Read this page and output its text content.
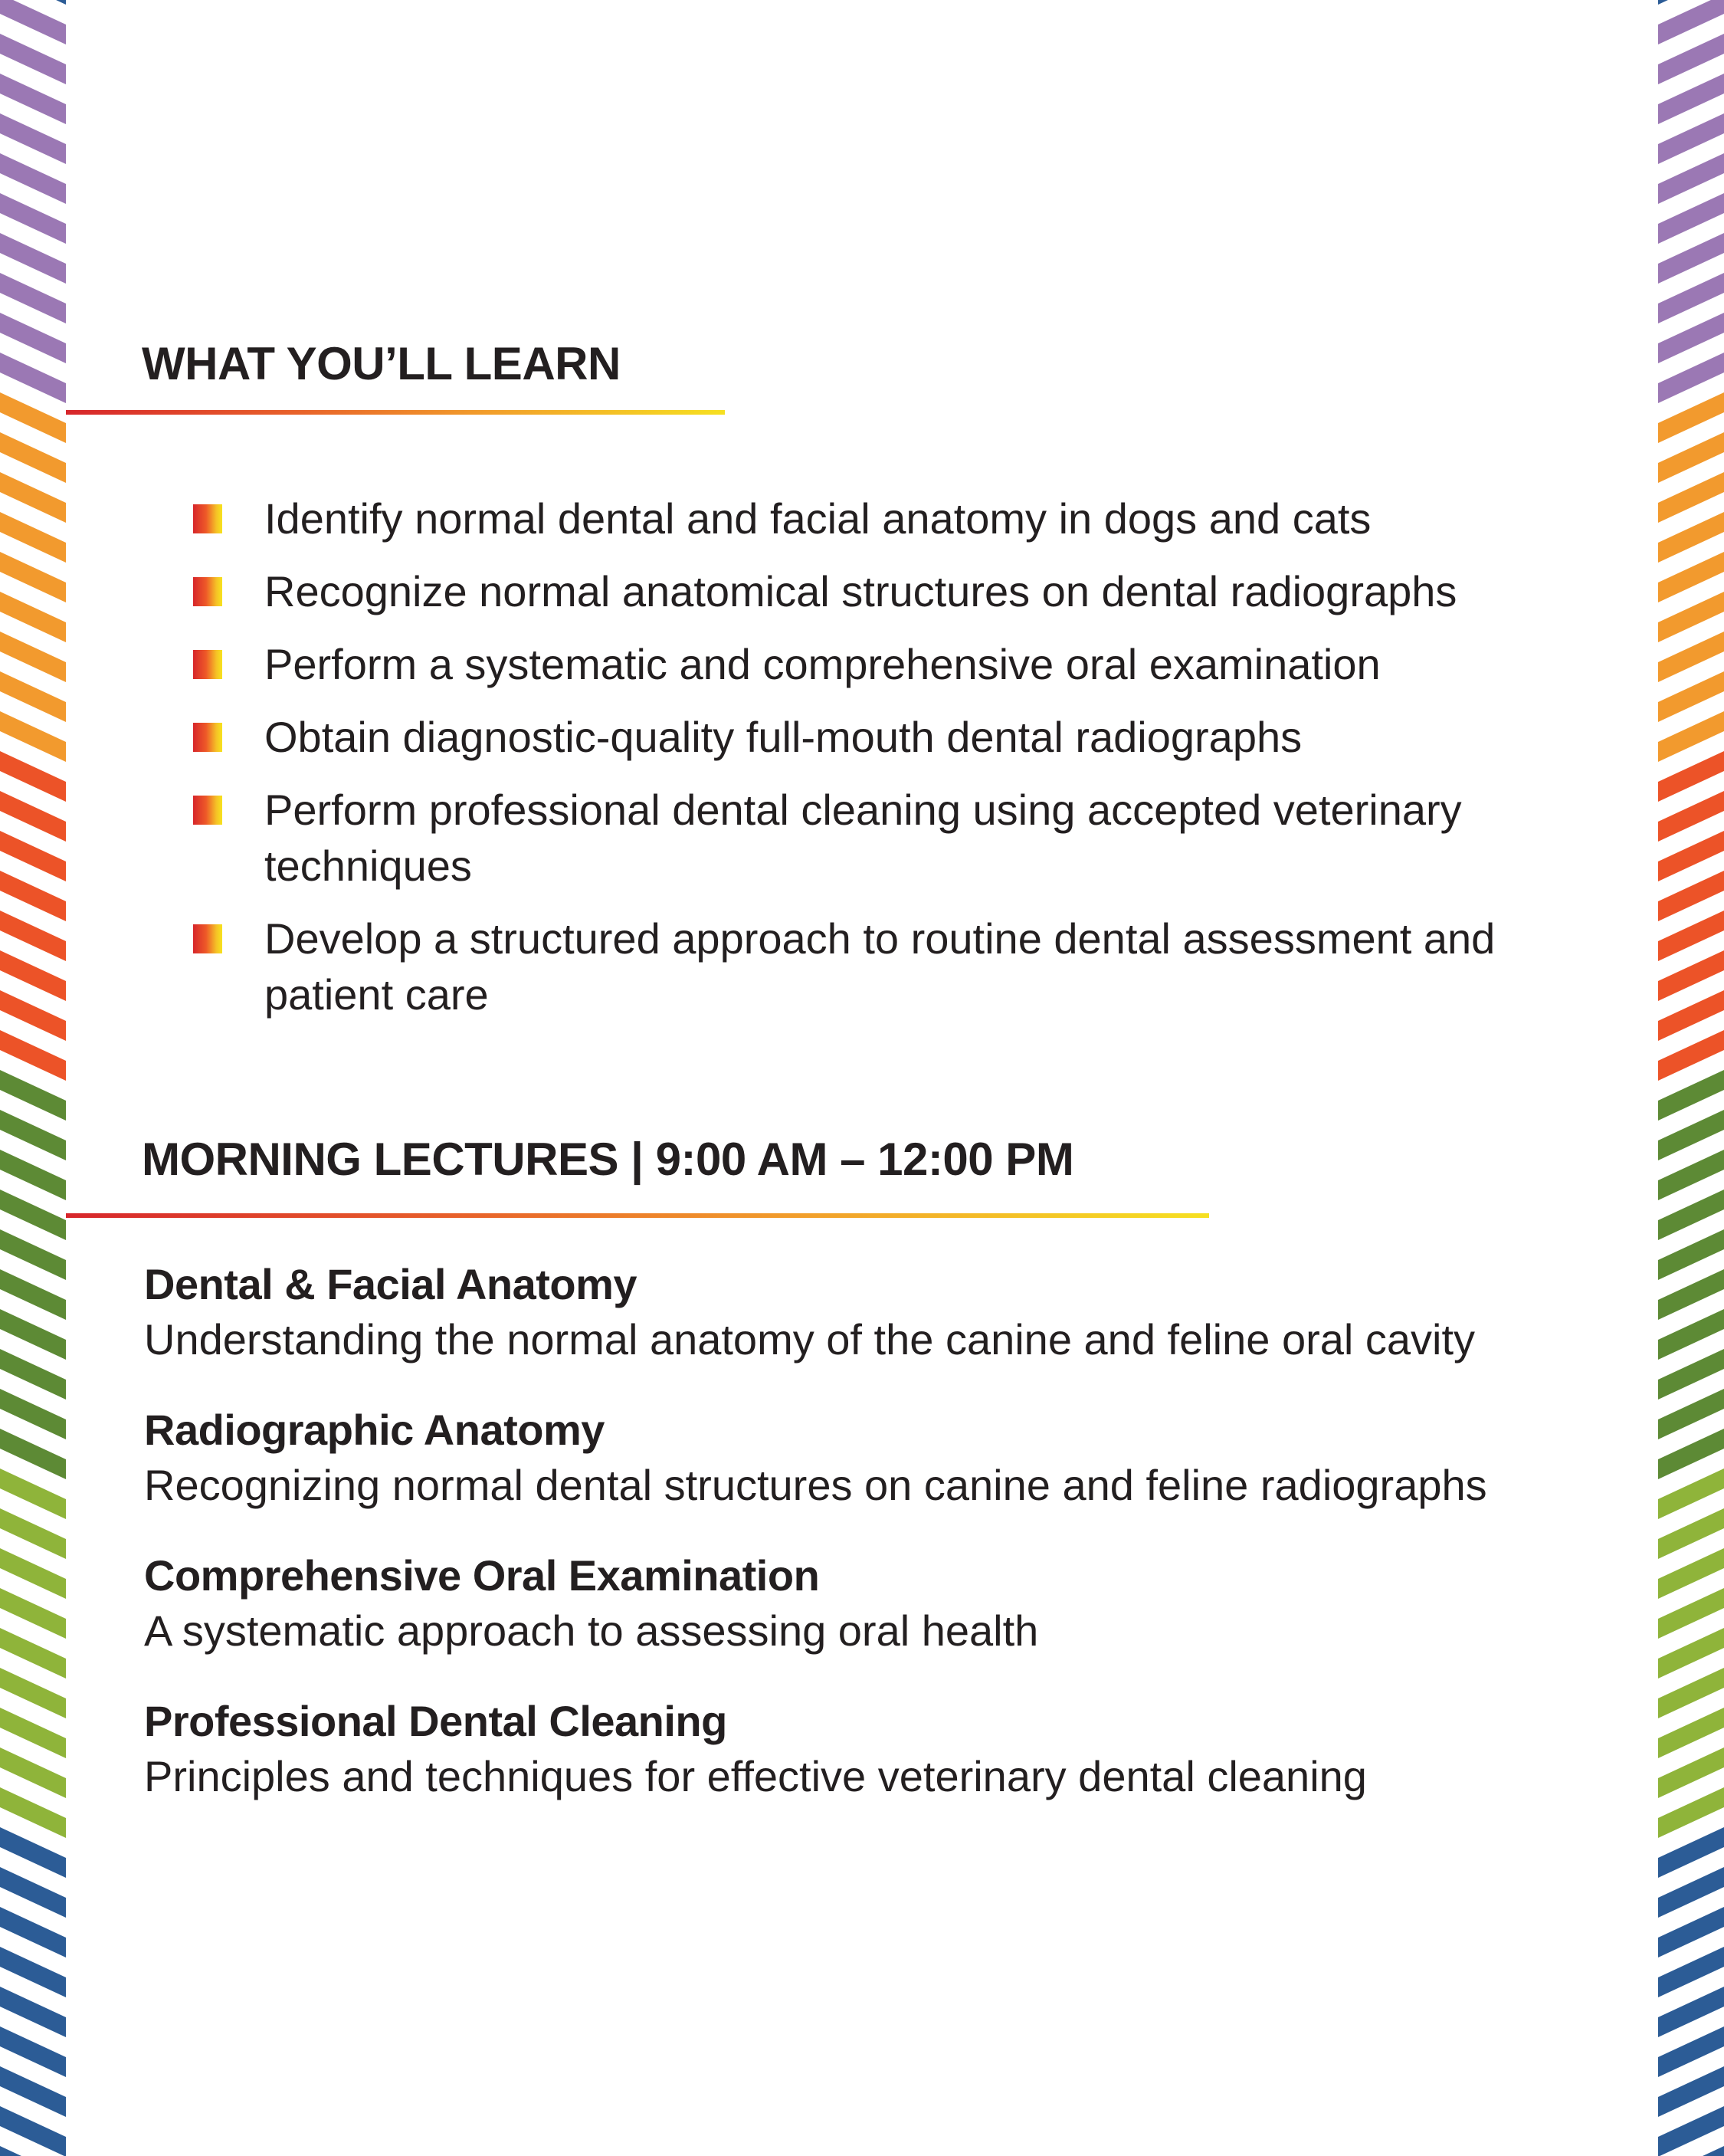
WHAT YOU’LL LEARN
Identify normal dental and facial anatomy in dogs and cats
Recognize normal anatomical structures on dental radiographs
Perform a systematic and comprehensive oral examination
Obtain diagnostic-quality full-mouth dental radiographs
Perform professional dental cleaning using accepted veterinary techniques
Develop a structured approach to routine dental assessment and patient care
MORNING LECTURES | 9:00 AM – 12:00 PM
Dental & Facial Anatomy
Understanding the normal anatomy of the canine and feline oral cavity
Radiographic Anatomy
Recognizing normal dental structures on canine and feline radiographs
Comprehensive Oral Examination
A systematic approach to assessing oral health
Professional Dental Cleaning
Principles and techniques for effective veterinary dental cleaning
